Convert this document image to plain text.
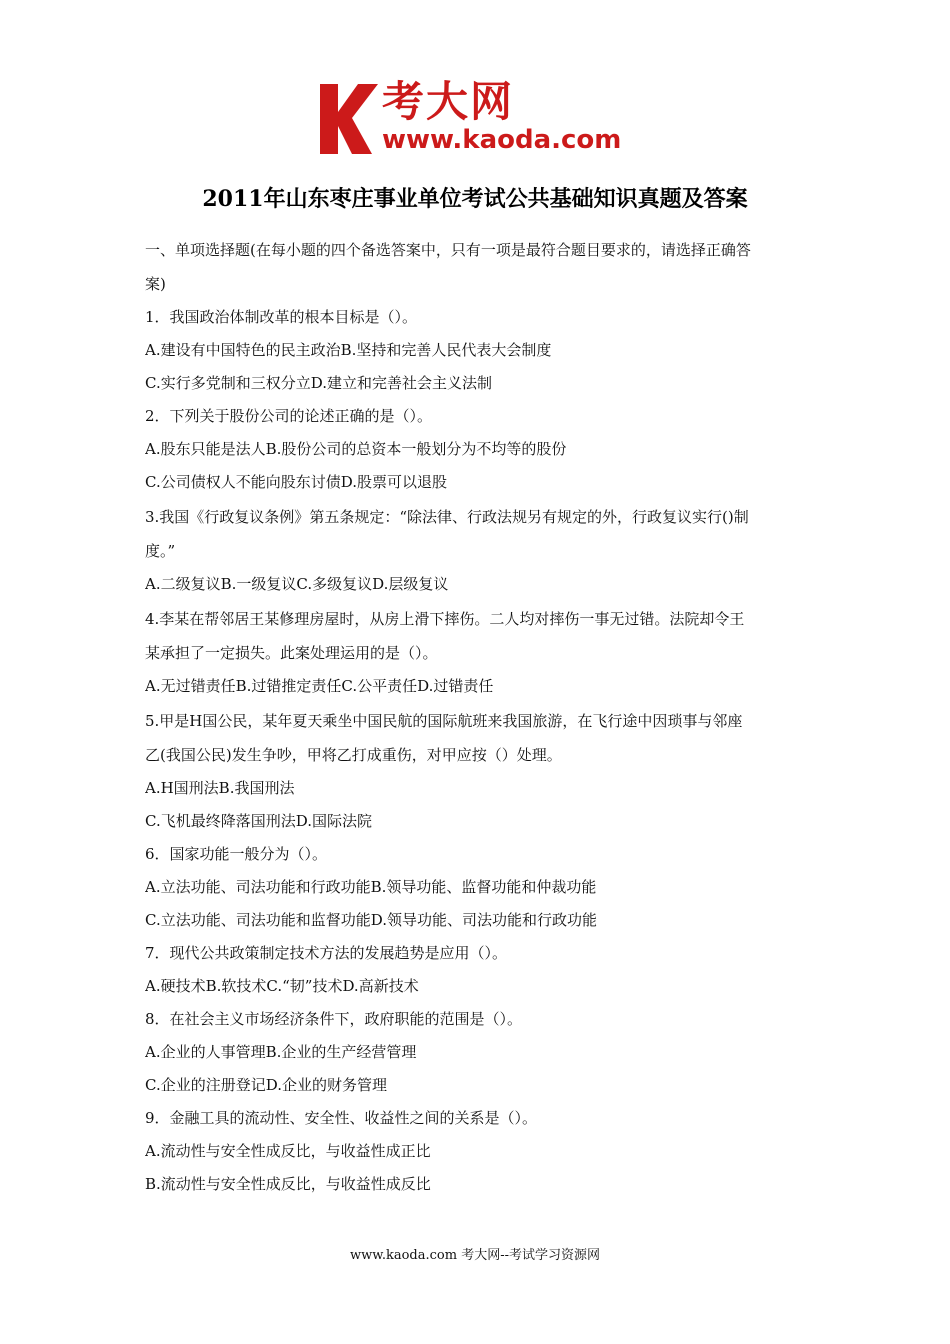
考大网
www.kaoda.com
2011年山东枣庄事业单位考试公共基础知识真题及答案
一、单项选择题(在每小题的四个备选答案中，只有一项是最符合题目要求的，请选择正确答
案)
1．我国政治体制改革的根本目标是（）。
A.建设有中国特色的民主政治B.坚持和完善人民代表大会制度
C.实行多党制和三权分立D.建立和完善社会主义法制
2．下列关于股份公司的论述正确的是（）。
A.股东只能是法人B.股份公司的总资本一般划分为不均等的股份
C.公司债权人不能向股东讨债D.股票可以退股
3.我国《行政复议条例》第五条规定：“除法律、行政法规另有规定的外，行政复议实行()制
度。”
A.二级复议B.一级复议C.多级复议D.层级复议
4.李某在帮邻居王某修理房屋时，从房上滑下摔伤。二人均对摔伤一事无过错。法院却令王
某承担了一定损失。此案处理运用的是（）。
A.无过错责任B.过错推定责任C.公平责任D.过错责任
5.甲是H国公民，某年夏天乘坐中国民航的国际航班来我国旅游，在飞行途中因琐事与邻座
乙(我国公民)发生争吵，甲将乙打成重伤，对甲应按（）处理。
A.H国刑法B.我国刑法
C.飞机最终降落国刑法D.国际法院
6．国家功能一般分为（）。
A.立法功能、司法功能和行政功能B.领导功能、监督功能和仲裁功能
C.立法功能、司法功能和监督功能D.领导功能、司法功能和行政功能
7．现代公共政策制定技术方法的发展趋势是应用（）。
A.硬技术B.软技术C.“韧”技术D.高新技术
8．在社会主义市场经济条件下，政府职能的范围是（）。
A.企业的人事管理B.企业的生产经营管理
C.企业的注册登记D.企业的财务管理
9．金融工具的流动性、安全性、收益性之间的关系是（）。
A.流动性与安全性成反比，与收益性成正比
B.流动性与安全性成反比，与收益性成反比
www.kaoda.com 考大网--考试学习资源网
